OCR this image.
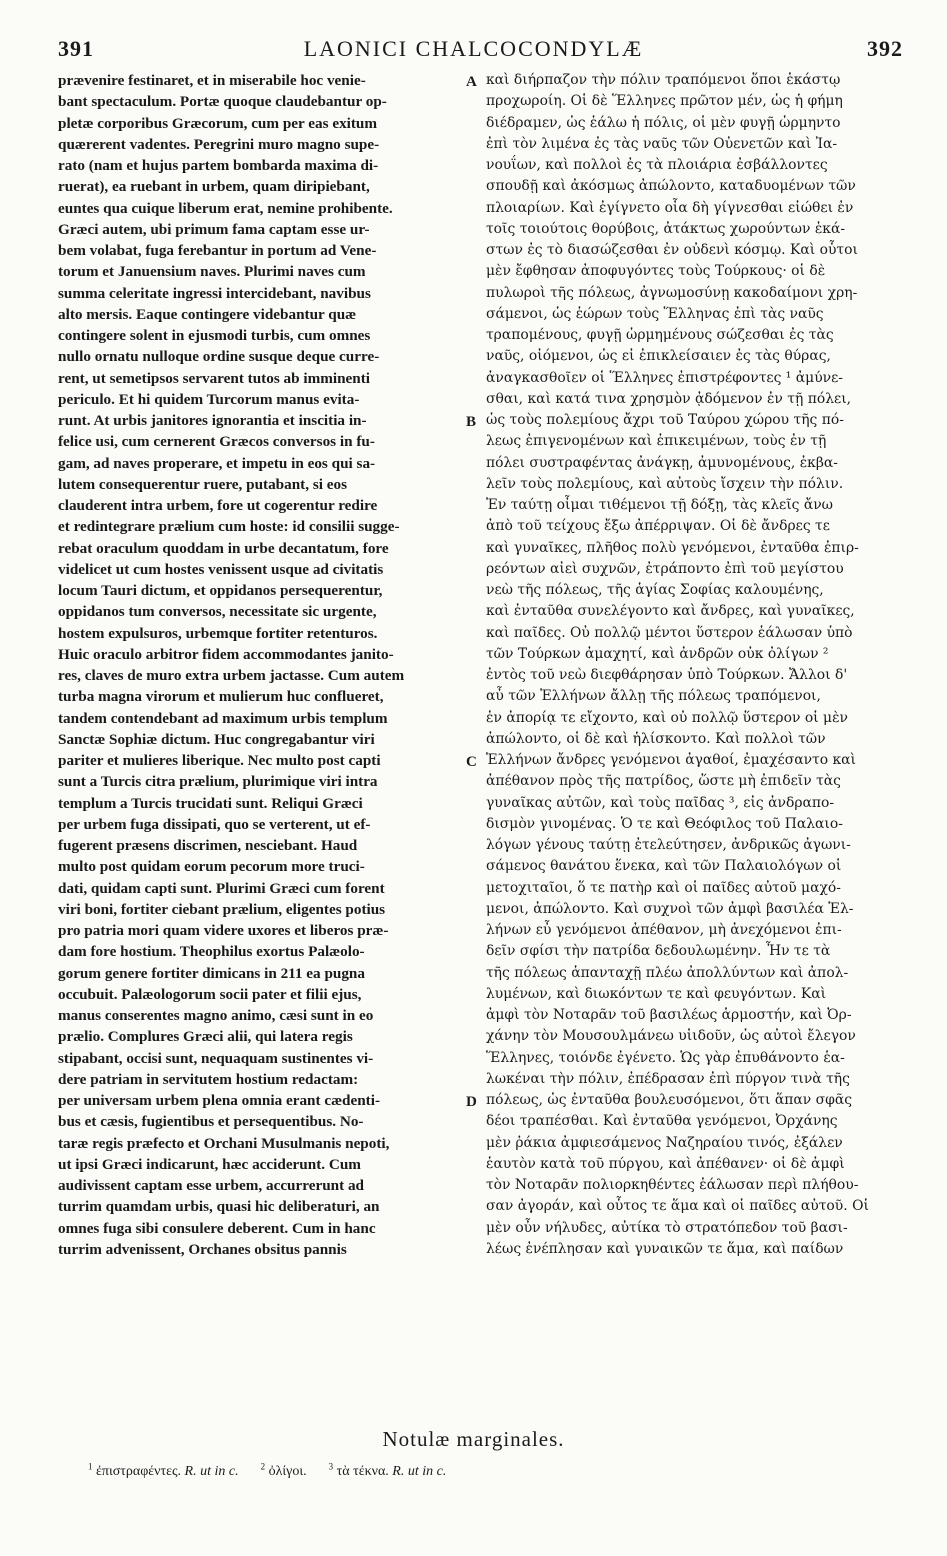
391	LAONICI CHALCOCONDYLÆ	392
prævenire festinaret, et in miserabile hoc venie-
bant spectaculum. Portæ quoque claudebantur op-
pletæ corporibus Græcorum, cum per eas exitum
quærerent vadentes. Peregrini muro magno supe-
rato (nam et hujus partem bombarda maxima di-
ruerat), ea ruebant in urbem, quam diripiebant,
euntes qua cuique liberum erat, nemine prohibente.
Græci autem, ubi primum fama captam esse ur-
bem volabat, fuga ferebantur in portum ad Vene-
torum et Januensium naves. Plurimi naves cum
summa celeritate ingressi intercidebant, navibus
alto mersis. Eaque contingere videbantur quæ
contingere solent in ejusmodi turbis, cum omnes
nullo ornatu nulloque ordine susque deque curre-
rent, ut semetipsos servarent tutos ab imminenti
periculo. Et hi quidem Turcorum manus evita-
runt. At urbis janitores ignorantia et inscitia in-
felice usi, cum cernerent Græcos conversos in fu-
gam, ad naves properare, et impetu in eos qui sa-
lutem consequerentur ruere, putabant, si eos
clauderent intra urbem, fore ut cogerentur redire
et redintegrare prælium cum hoste: id consilii sugge-
rebat oraculum quoddam in urbe decantatum, fore
videlicet ut cum hostes venissent usque ad civitatis
locum Tauri dictum, et oppidanos persequerentur,
oppidanos tum conversos, necessitate sic urgente,
hostem expulsuros, urbemque fortiter retenturos.
Huic oraculo arbitror fidem accommodantes janito-
res, claves de muro extra urbem jactasse. Cum autem
turba magna virorum et mulierum huc conflueret,
tandem contendebant ad maximum urbis templum
Sanctæ Sophiæ dictum. Huc congregabantur viri
pariter et mulieres liberique. Nec multo post capti
sunt a Turcis citra prælium, plurimique viri intra
templum a Turcis trucidati sunt. Reliqui Græci
per urbem fuga dissipati, quo se verterent, ut ef-
fugerent præsens discrimen, nesciebant. Haud
multo post quidam eorum pecorum more truci-
dati, quidam capti sunt. Plurimi Græci cum forent
viri boni, fortiter ciebant prælium, eligentes potius
pro patria mori quam videre uxores et liberos præ-
dam fore hostium. Theophilus exortus Palæolo-
gorum genere fortiter dimicans in 211 ea pugna
occubuit. Palæologorum socii pater et filii ejus,
manus conserentes magno animo, cæsi sunt in eo
prælio. Complures Græci alii, qui latera regis
stipabant, occisi sunt, nequaquam sustinentes vi-
dere patriam in servitutem hostium redactam:
per universam urbem plena omnia erant cædenti-
bus et cæsis, fugientibus et persequentibus. No-
taræ regis præfecto et Orchani Musulmanis nepoti,
ut ipsi Græci indicarunt, hæc acciderunt. Cum
audivissent captam esse urbem, accurrerunt ad
turrim quamdam urbis, quasi hic deliberaturi, an
omnes fuga sibi consulere deberent. Cum in hanc
turrim advenissent, Orchanes obsitus pannis
A
B
C
D
καὶ διήρπαζον τὴν πόλιν τραπόμενοι ὅποι ἑκάστῳ
προχωροίη. Οἱ δὲ Ἕλληνες πρῶτον μέν, ὡς ἡ φήμη
διέδραμεν, ὡς ἑάλω ἡ πόλις, οἱ μὲν φυγῇ ὡρμηντο
ἐπὶ τὸν λιμένα ἐς τὰς ναῦς τῶν Οὐενετῶν καὶ Ἰα-
νουΐων, καὶ πολλοὶ ἐς τὰ πλοιάρια ἐσβάλλοντες
σπουδῇ καὶ ἀκόσμως ἀπώλοντο, καταδυομένων τῶν
πλοιαρίων. Καὶ ἐγίγνετο οἷα δὴ γίγνεσθαι εἰώθει ἐν
τοῖς τοιούτοις θορύβοις, ἀτάκτως χωρούντων ἑκά-
στων ἐς τὸ διασώζεσθαι ἐν οὐδενὶ κόσμῳ. Καὶ οὗτοι
μὲν ἔφθησαν ἀποφυγόντες τοὺς Τούρκους· οἱ δὲ
πυλωροὶ τῆς πόλεως, ἀγνωμοσύνῃ κακοδαίμονι χρη-
σάμενοι, ὡς ἑώρων τοὺς Ἕλληνας ἐπὶ τὰς ναῦς
τραπομένους, φυγῇ ὡρμημένους σώζεσθαι ἐς τὰς
ναῦς, οἰόμενοι, ὡς εἰ ἐπικλείσαιεν ἐς τὰς θύρας,
ἀναγκασθοῖεν οἱ Ἕλληνες ἐπιστρέφοντες ¹ ἀμύνε-
σθαι, καὶ κατά τινα χρησμὸν ᾀδόμενον ἐν τῇ πόλει,
ὡς τοὺς πολεμίους ἄχρι τοῦ Ταύρου χώρου τῆς πό-
λεως ἐπιγενομένων καὶ ἐπικειμένων, τοὺς ἐν τῇ
πόλει συστραφέντας ἀνάγκῃ, ἀμυνομένους, ἐκβα-
λεῖν τοὺς πολεμίους, καὶ αὐτοὺς ἴσχειν τὴν πόλιν.
Ἐν ταύτῃ οἶμαι τιθέμενοι τῇ δόξῃ, τὰς κλεῖς ἄνω
ἀπὸ τοῦ τείχους ἔξω ἀπέρριψαν. Οἱ δὲ ἄνδρες τε
καὶ γυναῖκες, πλῆθος πολὺ γενόμενοι, ἐνταῦθα ἐπιρ-
ρεόντων αἰεὶ συχνῶν, ἐτράποντο ἐπὶ τοῦ μεγίστου
νεὼ τῆς πόλεως, τῆς ἁγίας Σοφίας καλουμένης,
καὶ ἐνταῦθα συνελέγοντο καὶ ἄνδρες, καὶ γυναῖκες,
καὶ παῖδες. Οὐ πολλῷ μέντοι ὕστερον ἑάλωσαν ὑπὸ
τῶν Τούρκων ἀμαχητί, καὶ ἀνδρῶν οὐκ ὀλίγων ²
ἐντὸς τοῦ νεὼ διεφθάρησαν ὑπὸ Τούρκων. Ἄλλοι δ'
αὖ τῶν Ἑλλήνων ἄλλῃ τῆς πόλεως τραπόμενοι,
ἐν ἀπορίᾳ τε εἴχοντο, καὶ οὐ πολλῷ ὕστερον οἱ μὲν
ἀπώλοντο, οἱ δὲ καὶ ἡλίσκοντο. Καὶ πολλοὶ τῶν
Ἑλλήνων ἄνδρες γενόμενοι ἀγαθοί, ἐμαχέσαντο καὶ
ἀπέθανον πρὸς τῆς πατρίδος, ὥστε μὴ ἐπιδεῖν τὰς
γυναῖκας αὐτῶν, καὶ τοὺς παῖδας ³, εἰς ἀνδραπο-
δισμὸν γινομένας. Ὁ τε καὶ Θεόφιλος τοῦ Παλαιο-
λόγων γένους ταύτῃ ἐτελεύτησεν, ἀνδρικῶς ἀγωνι-
σάμενος θανάτου ἕνεκα, καὶ τῶν Παλαιολόγων οἱ
μετοχιταῖοι, ὅ τε πατὴρ καὶ οἱ παῖδες αὐτοῦ μαχό-
μενοι, ἀπώλοντο. Καὶ συχνοὶ τῶν ἀμφὶ βασιλέα Ἑλ-
λήνων εὖ γενόμενοι ἀπέθανον, μὴ ἀνεχόμενοι ἐπι-
δεῖν σφίσι τὴν πατρίδα δεδουλωμένην. Ἦν τε τὰ
τῆς πόλεως ἁπανταχῇ πλέω ἀπολλύντων καὶ ἀπολ-
λυμένων, καὶ διωκόντων τε καὶ φευγόντων. Καὶ
ἀμφὶ τὸν Νοταρᾶν τοῦ βασιλέως ἁρμοστήν, καὶ Ὀρ-
χάνην τὸν Μουσουλμάνεω υἱιδοῦν, ὡς αὐτοὶ ἔλεγον
Ἕλληνες, τοιόνδε ἐγένετο. Ὡς γὰρ ἐπυθάνοντο ἑα-
λωκέναι τὴν πόλιν, ἐπέδρασαν ἐπὶ πύργον τινὰ τῆς
πόλεως, ὡς ἐνταῦθα βουλευσόμενοι, ὅτι ἅπαν σφᾶς
δέοι τραπέσθαι. Καὶ ἐνταῦθα γενόμενοι, Ὀρχάνης
μὲν ῥάκια ἀμφιεσάμενος Ναζηραίου τινός, ἐξάλεν
ἑαυτὸν κατὰ τοῦ πύργου, καὶ ἀπέθανεν· οἱ δὲ ἀμφὶ
τὸν Νοταρᾶν πολιορκηθέντες ἑάλωσαν περὶ πλήθου-
σαν ἀγοράν, καὶ οὗτος τε ἅμα καὶ οἱ παῖδες αὐτοῦ. Οἱ
μὲν οὖν νήλυδες, αὐτίκα τὸ στρατόπεδον τοῦ βασι-
λέως ἐνέπλησαν καὶ γυναικῶν τε ἅμα, καὶ παίδων
Notulæ marginales.
$^1$ ἐπιστραφέντες. R. ut in c. $^2$ ὀλίγοι. $^3$ τὰ τέκνα. R. ut in c.
